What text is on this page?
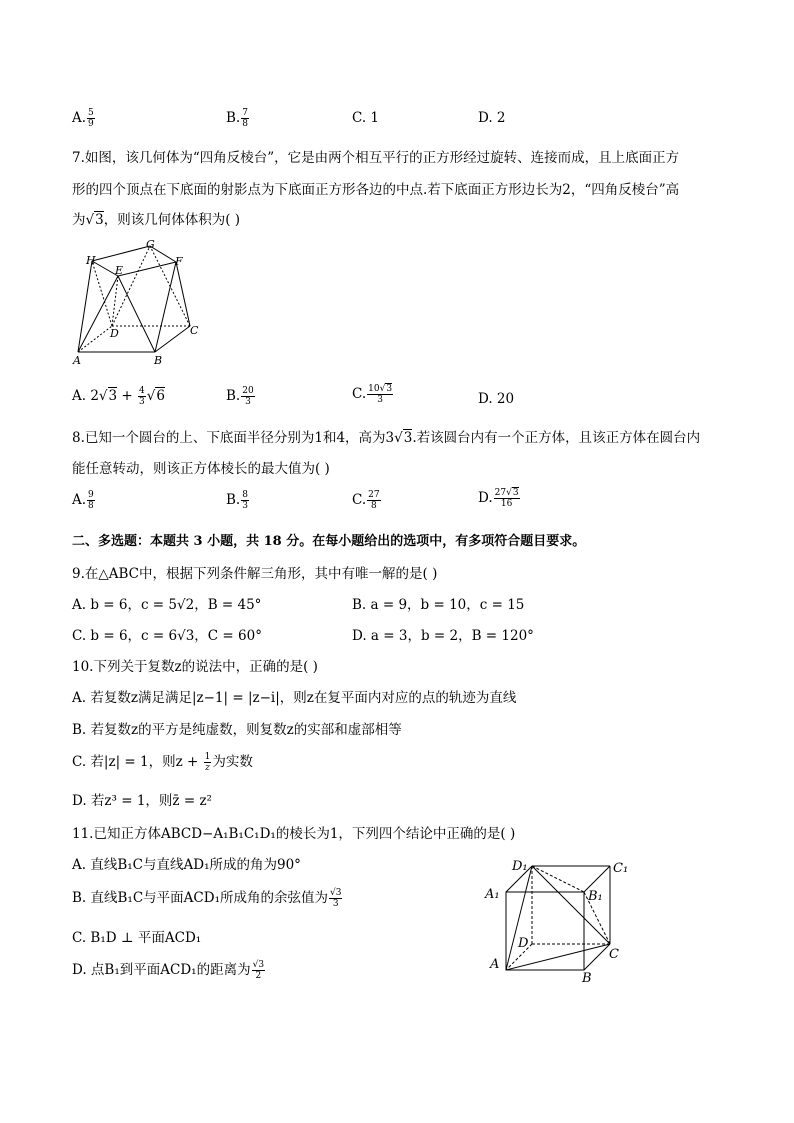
A. $\frac{5}{9}$	B. $\frac{7}{8}$	C. 1	D. 2
7.如图，该几何体为“四角反棱台”，它是由两个相互平行的正方形经过旋转、连接而成，且上底面正方
形的四个顶点在下底面的射影点为下底面正方形各边的中点.若下底面正方形边长为2，“四角反棱台”高
为√3，则该几何体体积为( )
H
G
F
E
D	C
A	B
A. $2√3 + \frac{4}{3} √6$	B. $\frac{20}{3}$	C. $\frac{10√3}{3}$	D. 20
8.已知一个圆台的上、下底面半径分别为1和4，高为3√3.若该圆台内有一个正方体，且该正方体在圆台内
能任意转动，则该正方体棱长的最大值为( )
A. $\frac{9}{8}$	B. $\frac{8}{3}$	C. $\frac{27}{8}$	D. $\frac{27√3}{16}$
二、多选题：本题共 3 小题，共 18 分。在每小题给出的选项中，有多项符合题目要求。
9.在△ABC中，根据下列条件解三角形，其中有唯一解的是( )
A. b = 6，c = 5√2，B = 45°	B. a = 9，b = 10，c = 15
C. b = 6，c = 6√3，C = 60°	D. a = 3，b = 2，B = 120°
10.下列关于复数z的说法中，正确的是( )
A. 若复数z满足满足|z−1| = |z−i|，则z在复平面内对应的点的轨迹为直线
B. 若复数z的平方是纯虚数，则复数z的实部和虚部相等
C. 若|z| = 1，则$z + \frac{1}{z}$ 为实数
D. 若z³ = 1，则z̄ = z²
11.已知正方体ABCD−A₁B₁C₁D₁的棱长为1，下列四个结论中正确的是( )
A. 直线B₁C与直线AD₁所成的角为90°
B. 直线B₁C与平面ACD₁所成角的余弦值为 $\frac{√3}{3}$
C. B₁D ⊥ 平面ACD₁
D. 点B₁到平面ACD₁的距离为 $\frac{√3}{2}$
D₁	C₁
A₁	B₁
D
C
A
B
